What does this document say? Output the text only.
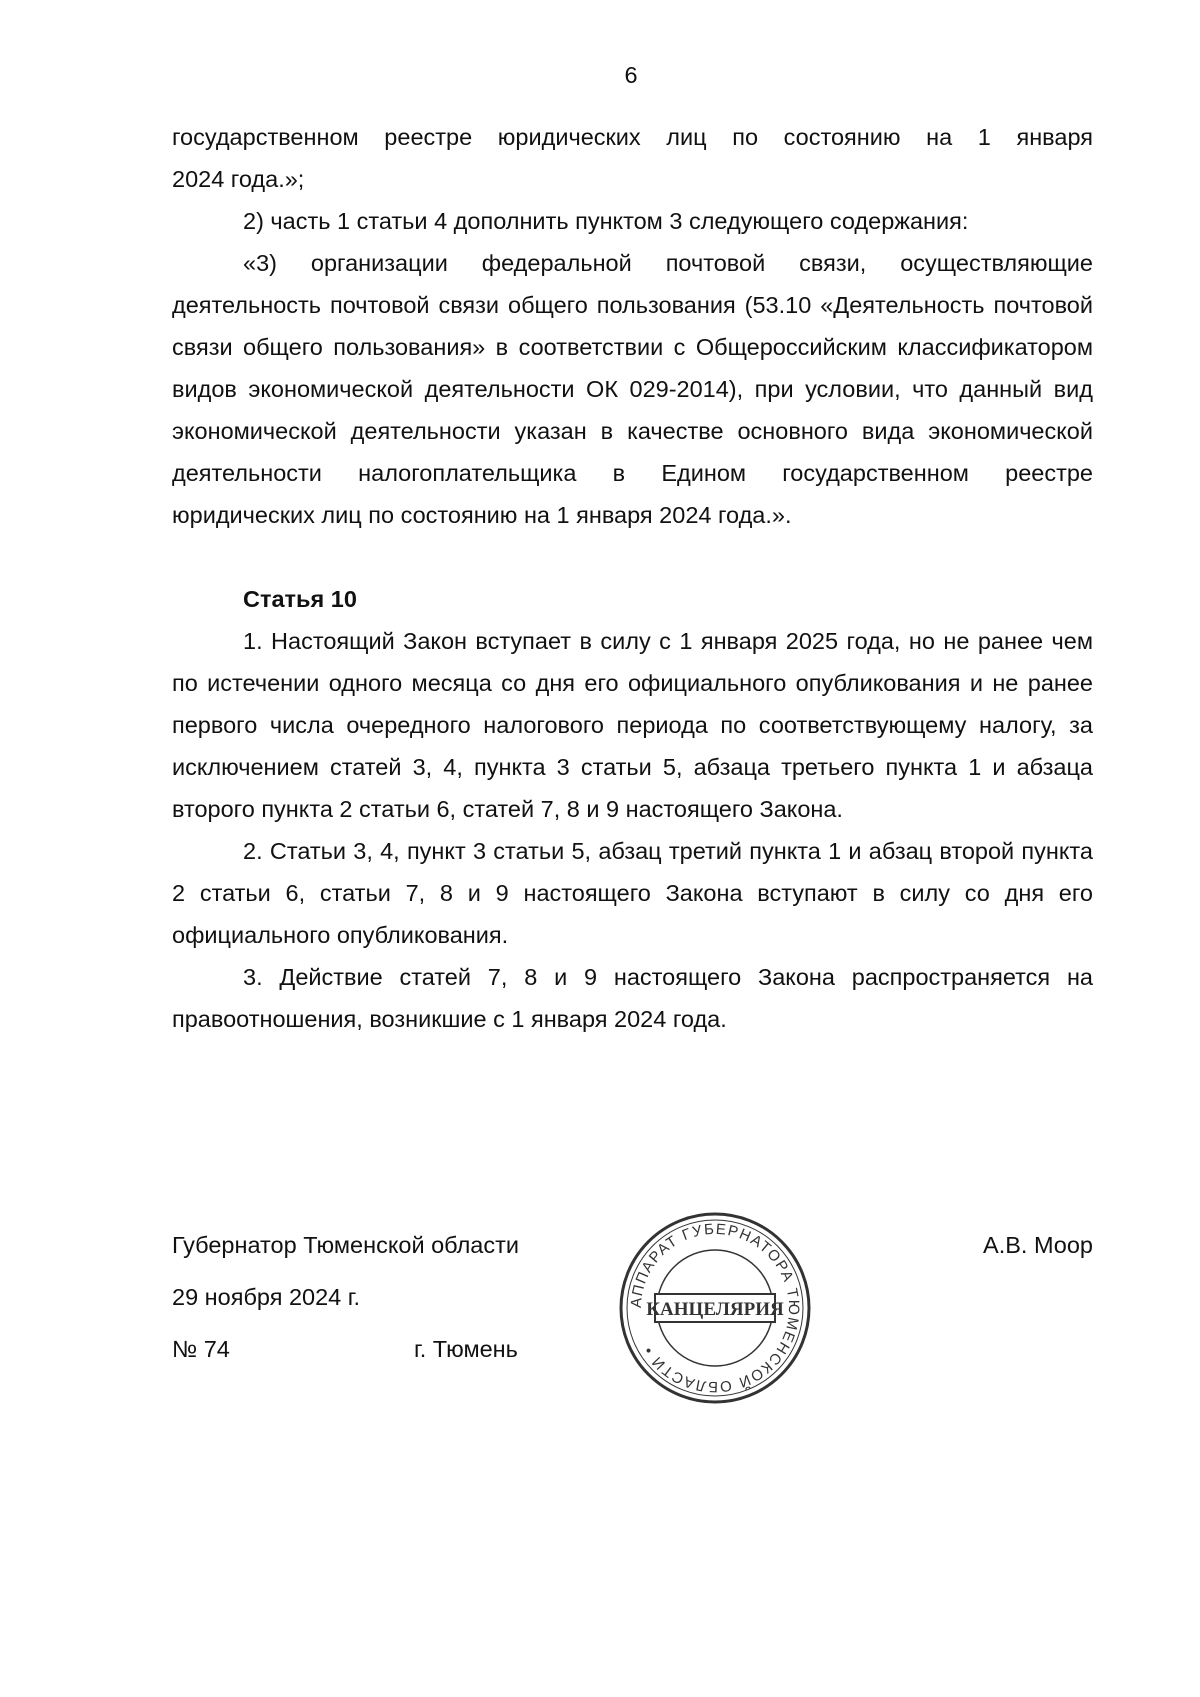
6

государственном реестре юридических лиц по состоянию на 1 января

2024 года.»;

2) часть 1 статьи 4 дополнить пунктом 3 следующего содержания:

«3) организации федеральной почтовой связи, осуществляющие деятельность почтовой связи общего пользования (53.10 «Деятельность почтовой связи общего пользования» в соответствии с Общероссийским классификатором видов экономической деятельности ОК 029-2014), при условии, что данный вид экономической деятельности указан в качестве основного вида экономической деятельности налогоплательщика в Едином государственном реестре юридических лиц по состоянию на 1 января 2024 года.».

Статья 10

1. Настоящий Закон вступает в силу с 1 января 2025 года, но не ранее чем по истечении одного месяца со дня его официального опубликования и не ранее первого числа очередного налогового периода по соответствующему налогу, за исключением статей 3, 4, пункта 3 статьи 5, абзаца третьего пункта 1 и абзаца второго пункта 2 статьи 6, статей 7, 8 и 9 настоящего Закона.

2. Статьи 3, 4, пункт 3 статьи 5, абзац третий пункта 1 и абзац второй пункта 2 статьи 6, статьи 7, 8 и 9 настоящего Закона вступают в силу со дня его официального опубликования.

3. Действие статей 7, 8 и 9 настоящего Закона распространяется на правоотношения, возникшие с 1 января 2024 года.

Губернатор Тюменской области
29 ноября 2024 г.
№ 74	г. Тюмень
А.В. Моор
АППАРАТ ГУБЕРНАТОРА ТЮМЕНСКОЙ ОБЛАСТИ •
КАНЦЕЛЯРИЯ
